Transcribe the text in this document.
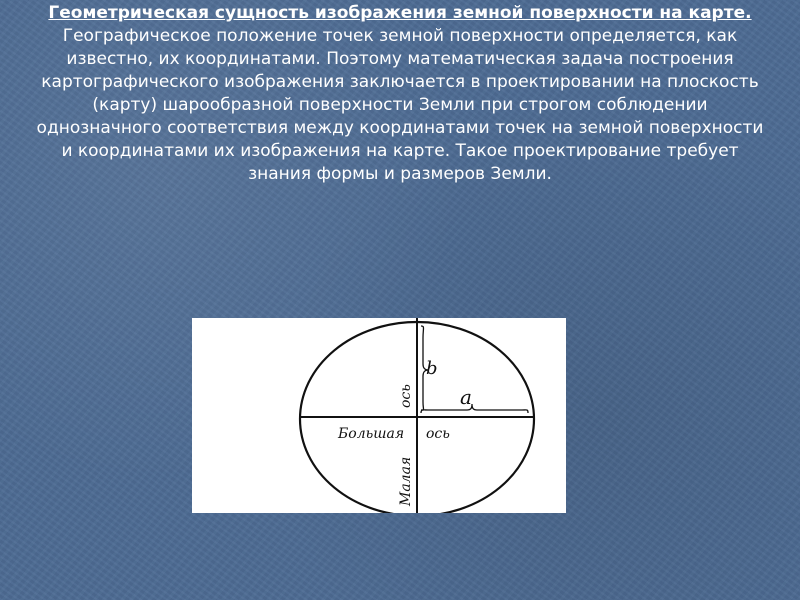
Геометрическая сущность изображения земной поверхности на карте.
Географическое положение точек земной поверхности определяется, как известно, их координатами. Поэтому математическая задача построения картографического изображения заключается в проектировании на плоскость (карту) шарообразной поверхности Земли при строгом соблюдении однозначного соответствия между координатами точек на земной поверхности и координатами их изображения на карте. Такое проектирование требует знания формы и размеров Земли.
b
a
Большая ось
ось
Малая
